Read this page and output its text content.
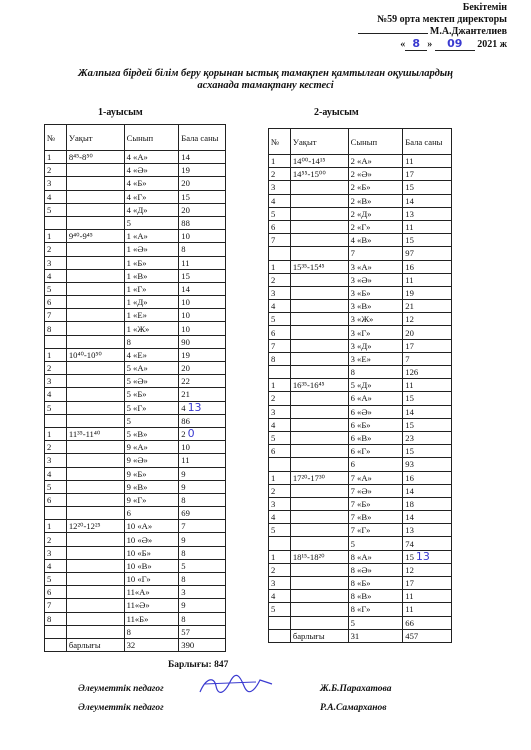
Бекітемін
№59 орта мектеп директоры
М.А.Джантелиев
« 8 » 09 2021 ж
Жалпыға бірдей білім беру қорынан ыстық тамақпен қамтылған оқушылардың
асханада тамақтану кестесі
1-ауысым	2-ауысым
№	Уақыт	Сынып	Бала саны
1	8⁴⁵-8⁵⁰	4 «А»	14
2		4 «Ә»	19
3		4 «Б»	20
4		4 «Г»	15
5		4 «Д»	20
		5	88
1	9⁴⁰-9⁴⁵	1 «А»	10
2		1 «Ә»	8
3		1 «Б»	11
4		1 «В»	15
5		1 «Г»	14
6		1 «Д»	10
7		1 «Е»	10
8		1 «Ж»	10
		8	90
1	10⁴⁰-10⁵⁰	4 «Е»	19
2		5 «А»	20
3		5 «Ә»	22
4		5 «Б»	21
5		5 «Г»	4 13
		5	86
1	11³⁵-11⁴⁰	5 «В»	2 0
2		9 «А»	10
3		9 «Ә»	11
4		9 «Б»	9
5		9 «В»	9
6		9 «Г»	8
		6	69
1	12²⁰-12²⁵	10 «А»	7
2		10 «Ә»	9
3		10 «Б»	8
4		10 «В»	5
5		10 «Г»	8
6		11«А»	3
7		11«Ә»	9
8		11«Б»	8
		8	57
	барлығы	32	390
№	Уақыт	Сынып	Бала саны
1	14⁰⁰-14¹⁵	2 «А»	11
2	14⁵⁵-15⁰⁰	2 «Ә»	17
3		2 «Б»	15
4		2 «В»	14
5		2 «Д»	13
6		2 «Г»	11
7		4 «В»	15
		7	97
1	15³⁵-15⁴⁵	3 «А»	16
2		3 «Ә»	11
3		3 «Б»	19
4		3 «В»	21
5		3 «Ж»	12
6		3 «Г»	20
7		3 «Д»	17
8		3 «Е»	7
		8	126
1	16³⁵-16⁴⁵	5 «Д»	11
2		6 «А»	15
3		6 «Ә»	14
4		6 «Б»	15
5		6 «В»	23
6		6 «Г»	15
		6	93
1	17²⁰-17³⁰	7 «А»	16
2		7 «Ә»	14
3		7 «Б»	18
4		7 «В»	14
5		7 «Г»	13
		5	74
1	18¹⁵-18²⁰	8 «А»	15 13
2		8 «Ә»	12
3		8 «Б»	17
4		8 «В»	11
5		8 «Г»	11
		5	66
	барлығы	31	457
Барлығы: 847
Әлеуметтік педагог	Ж.Б.Парахатова
Әлеуметтік педагог	Р.А.Самарханов
